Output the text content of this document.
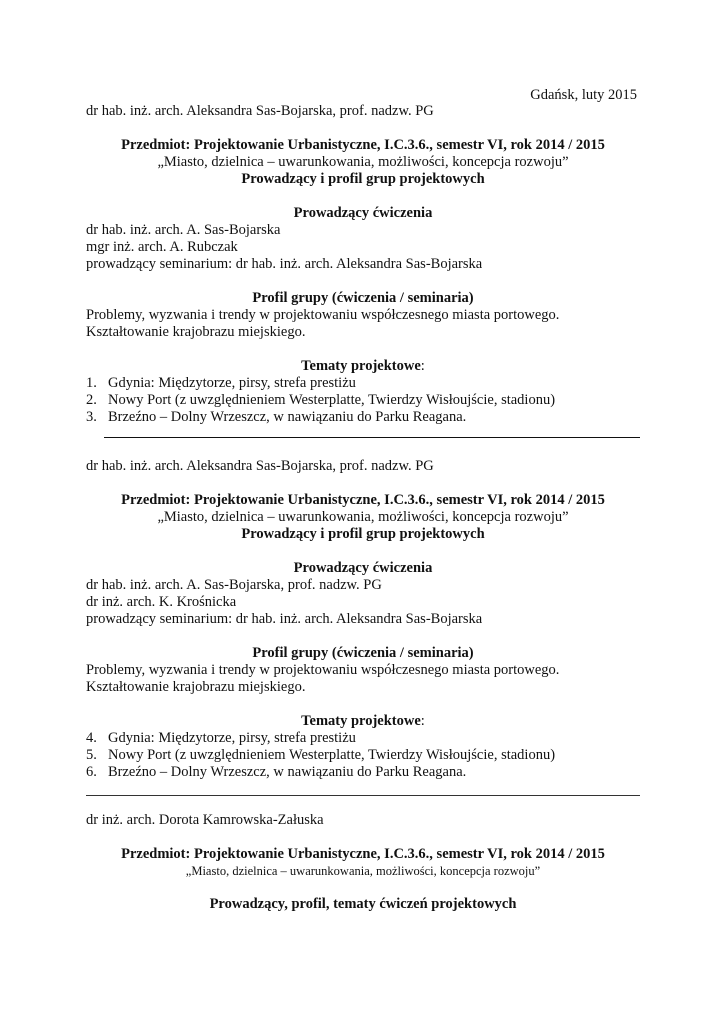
Gdańsk, luty 2015

dr hab. inż. arch. Aleksandra Sas-Bojarska, prof. nadzw. PG

Przedmiot: Projektowanie Urbanistyczne, I.C.3.6., semestr VI, rok 2014 / 2015
„Miasto, dzielnica – uwarunkowania, możliwości, koncepcja rozwoju”
Prowadzący i profil grup projektowych
Prowadzący ćwiczenia

dr hab. inż. arch. A. Sas-Bojarska

mgr inż. arch. A. Rubczak

prowadzący seminarium: dr hab. inż. arch. Aleksandra Sas-Bojarska

Profil grupy (ćwiczenia / seminaria)

Problemy, wyzwania i trendy w projektowaniu współczesnego miasta portowego.

Kształtowanie krajobrazu miejskiego.

Tematy projektowe:
1. Gdynia: Międzytorze, pirsy, strefa prestiżu
2. Nowy Port (z uwzględnieniem Westerplatte, Twierdzy Wisłoujście, stadionu)
3. Brzeźno – Dolny Wrzeszcz, w nawiązaniu do Parku Reagana.

dr hab. inż. arch. Aleksandra Sas-Bojarska, prof. nadzw. PG

Przedmiot: Projektowanie Urbanistyczne, I.C.3.6., semestr VI, rok 2014 / 2015
„Miasto, dzielnica – uwarunkowania, możliwości, koncepcja rozwoju”
Prowadzący i profil grup projektowych
Prowadzący ćwiczenia

dr hab. inż. arch. A. Sas-Bojarska, prof. nadzw. PG

dr inż. arch. K. Krośnicka

prowadzący seminarium: dr hab. inż. arch. Aleksandra Sas-Bojarska

Profil grupy (ćwiczenia / seminaria)

Problemy, wyzwania i trendy w projektowaniu współczesnego miasta portowego.

Kształtowanie krajobrazu miejskiego.

Tematy projektowe:
4. Gdynia: Międzytorze, pirsy, strefa prestiżu
5. Nowy Port (z uwzględnieniem Westerplatte, Twierdzy Wisłoujście, stadionu)
6. Brzeźno – Dolny Wrzeszcz, w nawiązaniu do Parku Reagana.

dr inż. arch. Dorota Kamrowska-Załuska

Przedmiot: Projektowanie Urbanistyczne, I.C.3.6., semestr VI, rok 2014 / 2015
„Miasto, dzielnica – uwarunkowania, możliwości, koncepcja rozwoju”
Prowadzący, profil, tematy ćwiczeń projektowych
